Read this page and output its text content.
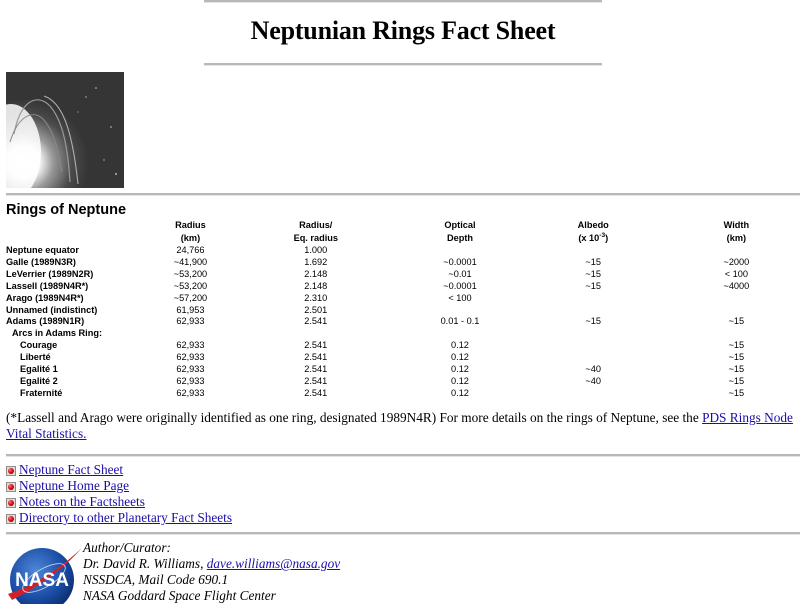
Neptunian Rings Fact Sheet
Rings of Neptune
	Radius	Radius/	Optical	Albedo	Width
	(km)	Eq. radius	Depth	(x $10^{-3}$)	(km)
Neptune equator	24,766	1.000			
Galle (1989N3R)	~41,900	1.692	~0.0001	~15	~2000
LeVerrier (1989N2R)	~53,200	2.148	~0.01	~15	< 100
Lassell (1989N4R*)	~53,200	2.148	~0.0001	~15	~4000
Arago (1989N4R*)	~57,200	2.310	< 100		
Unnamed (indistinct)	61,953	2.501			
Adams (1989N1R)	62,933	2.541	0.01 - 0.1	~15	~15
Arcs in Adams Ring:					
Courage	62,933	2.541	0.12		~15
Liberté	62,933	2.541	0.12		~15
Egalité 1	62,933	2.541	0.12	~40	~15
Egalité 2	62,933	2.541	0.12	~40	~15
Fraternité	62,933	2.541	0.12		~15

(*Lassell and Arago were originally identified as one ring, designated 1989N4R) For more details on the rings of Neptune, see the PDS Rings Node Vital Statistics.

Neptune Fact Sheet
Neptune Home Page
Notes on the Factsheets
Directory to other Planetary Fact Sheets
NASA
Author/Curator:
Dr. David R. Williams, dave.williams@nasa.gov
NSSDCA, Mail Code 690.1
NASA Goddard Space Flight Center
